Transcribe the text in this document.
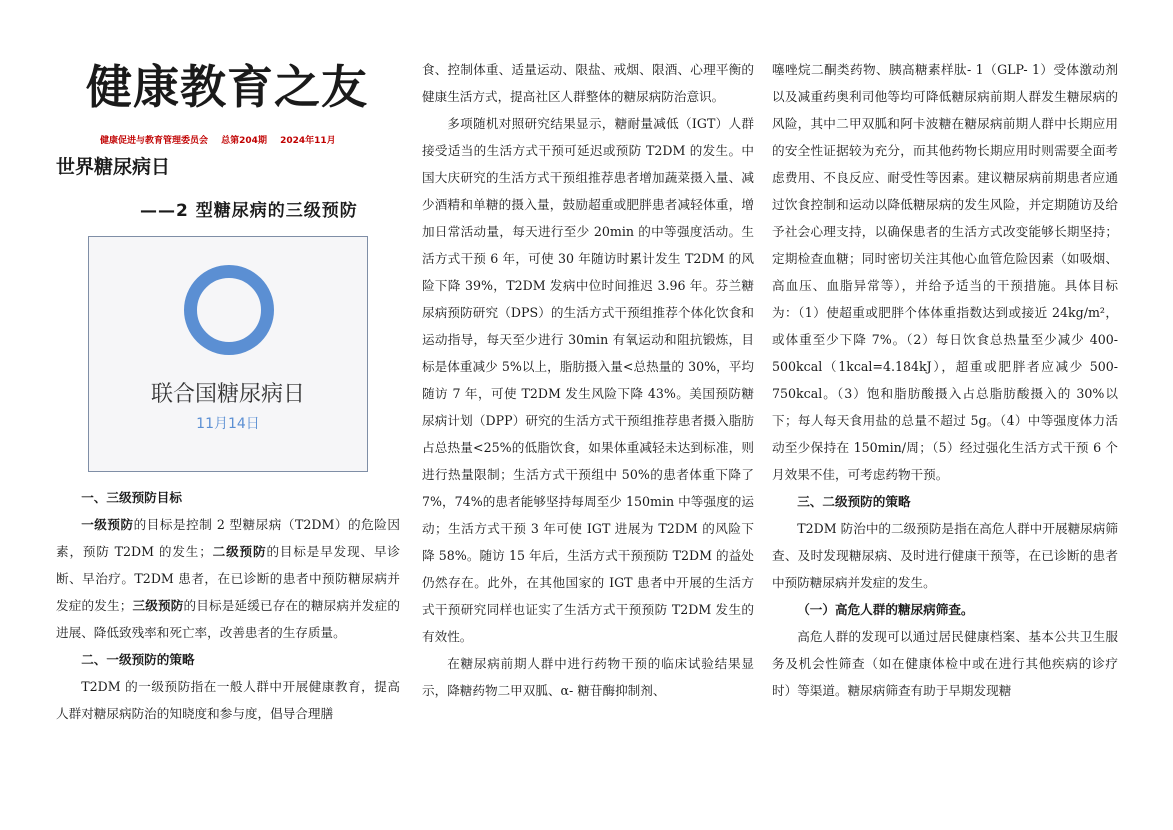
健康教育之友
健康促进与教育管理委员会 总第204期 2024年11月
世界糖尿病日
——2 型糖尿病的三级预防
联合国糖尿病日
11月14日

一、三级预防目标

一级预防的目标是控制 2 型糖尿病（T2DM）的危险因素，预防 T2DM 的发生；二级预防的目标是早发现、早诊断、早治疗。T2DM 患者，在已诊断的患者中预防糖尿病并发症的发生；三级预防的目标是延缓已存在的糖尿病并发症的进展、降低致残率和死亡率，改善患者的生存质量。

二、一级预防的策略

T2DM 的一级预防指在一般人群中开展健康教育，提高人群对糖尿病防治的知晓度和参与度，倡导合理膳

食、控制体重、适量运动、限盐、戒烟、限酒、心理平衡的健康生活方式，提高社区人群整体的糖尿病防治意识。

多项随机对照研究结果显示，糖耐量减低（IGT）人群接受适当的生活方式干预可延迟或预防 T2DM 的发生。中国大庆研究的生活方式干预组推荐患者增加蔬菜摄入量、减少酒精和单糖的摄入量，鼓励超重或肥胖患者减轻体重，增加日常活动量，每天进行至少 20min 的中等强度活动。生活方式干预 6 年，可使 30 年随访时累计发生 T2DM 的风险下降 39%，T2DM 发病中位时间推迟 3.96 年。芬兰糖尿病预防研究（DPS）的生活方式干预组推荐个体化饮食和运动指导，每天至少进行 30min 有氧运动和阻抗锻炼，目标是体重减少 5%以上，脂肪摄入量<总热量的 30%，平均随访 7 年，可使 T2DM 发生风险下降 43%。美国预防糖尿病计划（DPP）研究的生活方式干预组推荐患者摄入脂肪占总热量<25%的低脂饮食，如果体重减轻未达到标准，则进行热量限制；生活方式干预组中 50%的患者体重下降了 7%，74%的患者能够坚持每周至少 150min 中等强度的运动；生活方式干预 3 年可使 IGT 进展为 T2DM 的风险下降 58%。随访 15 年后，生活方式干预预防 T2DM 的益处仍然存在。此外，在其他国家的 IGT 患者中开展的生活方式干预研究同样也证实了生活方式干预预防 T2DM 发生的有效性。

在糖尿病前期人群中进行药物干预的临床试验结果显示，降糖药物二甲双胍、α- 糖苷酶抑制剂、

噻唑烷二酮类药物、胰高糖素样肽- 1（GLP- 1）受体激动剂以及减重药奥利司他等均可降低糖尿病前期人群发生糖尿病的风险，其中二甲双胍和阿卡波糖在糖尿病前期人群中长期应用的安全性证据较为充分，而其他药物长期应用时则需要全面考虑费用、不良反应、耐受性等因素。建议糖尿病前期患者应通过饮食控制和运动以降低糖尿病的发生风险，并定期随访及给予社会心理支持，以确保患者的生活方式改变能够长期坚持；定期检查血糖；同时密切关注其他心血管危险因素（如吸烟、高血压、血脂异常等），并给予适当的干预措施。具体目标为：（1）使超重或肥胖个体体重指数达到或接近 24kg/m²，或体重至少下降 7%。（2）每日饮食总热量至少减少 400-500kcal（1kcal=4.184kJ），超重或肥胖者应减少 500-750kcal。（3）饱和脂肪酸摄入占总脂肪酸摄入的 30%以下；每人每天食用盐的总量不超过 5g。（4）中等强度体力活动至少保持在 150min/周；（5）经过强化生活方式干预 6 个月效果不佳，可考虑药物干预。

三、二级预防的策略

T2DM 防治中的二级预防是指在高危人群中开展糖尿病筛查、及时发现糖尿病、及时进行健康干预等，在已诊断的患者中预防糖尿病并发症的发生。

（一）高危人群的糖尿病筛查。

高危人群的发现可以通过居民健康档案、基本公共卫生服务及机会性筛查（如在健康体检中或在进行其他疾病的诊疗时）等渠道。糖尿病筛查有助于早期发现糖
